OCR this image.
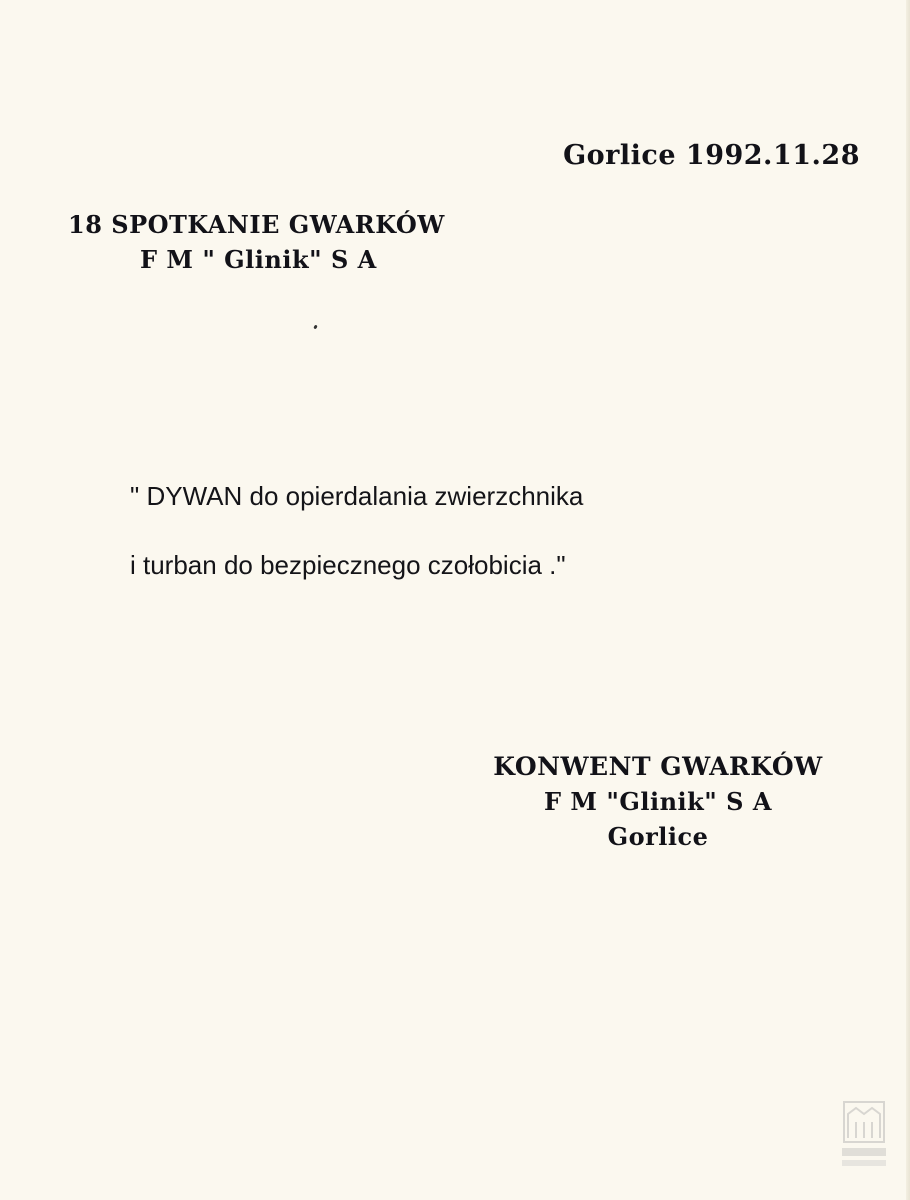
Gorlice 1992.11.28
18 SPOTKANIE GWARKÓW
F M " Glinik" S A
" DYWAN do opierdalania zwierzchnika
i turban do bezpiecznego czołobicia ."
KONWENT GWARKÓW
F M "Glinik" S A
Gorlice
